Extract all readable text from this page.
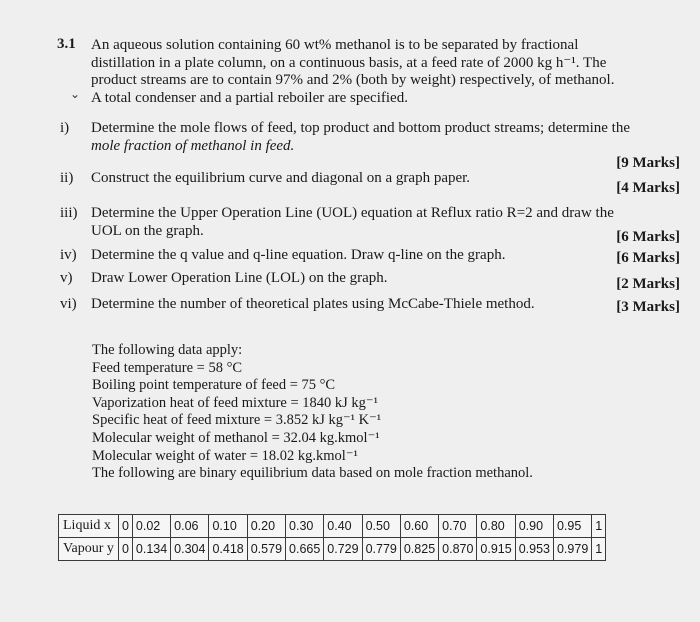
3.1 An aqueous solution containing 60 wt% methanol is to be separated by fractional
distillation in a plate column, on a continuous basis, at a feed rate of 2000 kg h⁻¹. The
product streams are to contain 97% and 2% (both by weight) respectively, of methanol.
A total condenser and a partial reboiler are specified.
⌄
i)	Determine the mole flows of feed, top product and bottom product streams; determine the
mole fraction of methanol in feed.
[9 Marks]
ii)	Construct the equilibrium curve and diagonal on a graph paper.
[4 Marks]
iii) Determine the Upper Operation Line (UOL) equation at Reflux ratio R=2 and draw the
UOL on the graph.	[6 Marks]
iv) Determine the q value and q-line equation. Draw q-line on the graph.	[6 Marks]
v)	Draw Lower Operation Line (LOL) on the graph.	[2 Marks]
vi) Determine the number of theoretical plates using McCabe-Thiele method.	[3 Marks]
The following data apply:
Feed temperature = 58 °C
Boiling point temperature of feed = 75 °C
Vaporization heat of feed mixture = 1840 kJ kg⁻¹
Specific heat of feed mixture = 3.852 kJ kg⁻¹ K⁻¹
Molecular weight of methanol = 32.04 kg.kmol⁻¹
Molecular weight of water = 18.02 kg.kmol⁻¹
The following are binary equilibrium data based on mole fraction methanol.
Liquid x	0	0.02	0.06	0.10	0.20	0.30	0.40	0.50	0.60	0.70	0.80	0.90	0.95	1
Vapour y	0	0.134	0.304	0.418	0.579	0.665	0.729	0.779	0.825	0.870	0.915	0.953	0.979	1
